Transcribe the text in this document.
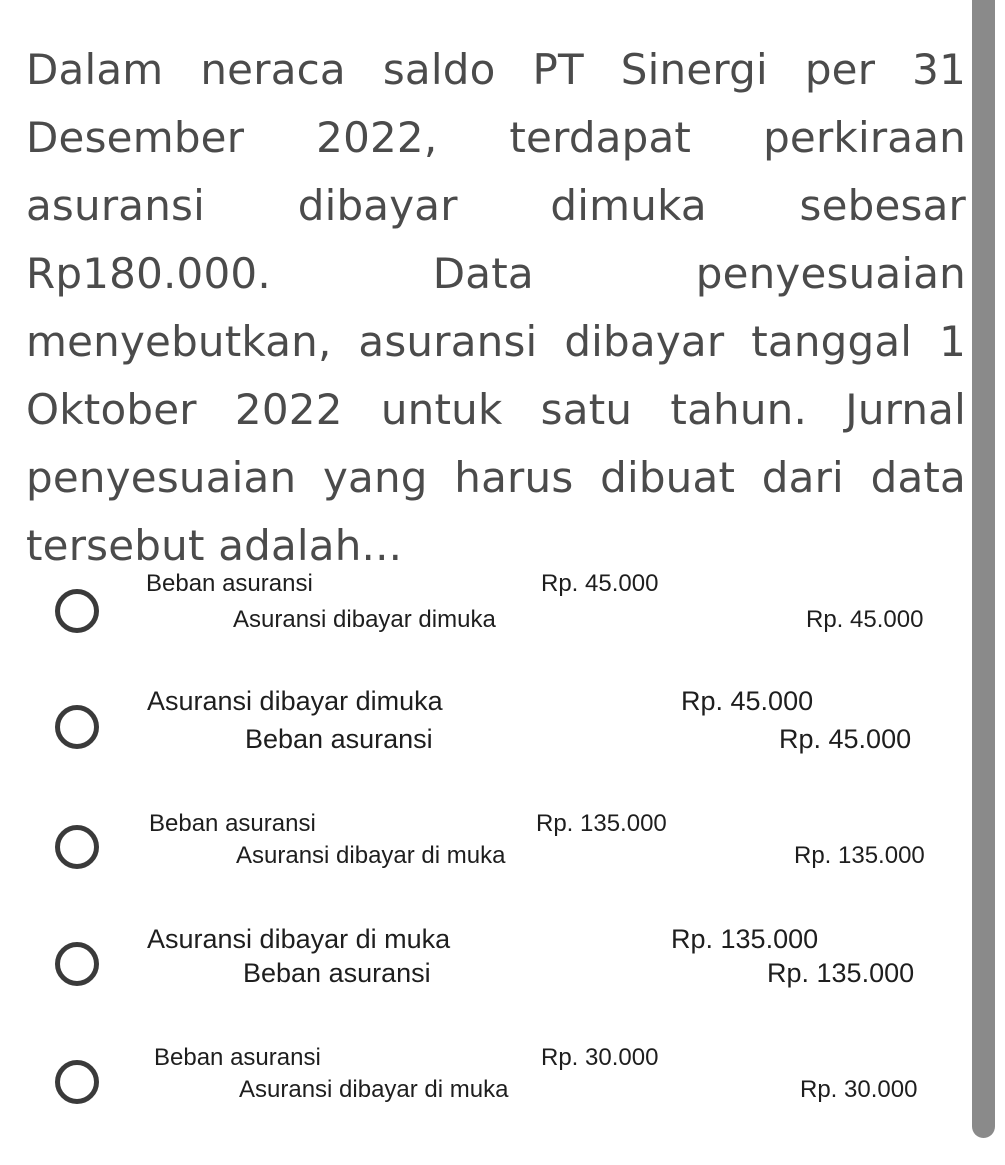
Dalam neraca saldo PT Sinergi per 31 Desember 2022, terdapat perkiraan asuransi dibayar dimuka sebesar Rp180.000. Data penyesuaian menyebutkan, asuransi dibayar tanggal 1 Oktober 2022 untuk satu tahun. Jurnal penyesuaian yang harus dibuat dari data tersebut adalah...

Beban asuransi	Rp. 45.000
Asuransi dibayar dimuka	Rp. 45.000
Asuransi dibayar dimuka	Rp. 45.000
Beban asuransi	Rp. 45.000
Beban asuransi	Rp. 135.000
Asuransi dibayar di muka	Rp. 135.000
Asuransi dibayar di muka	Rp. 135.000
Beban asuransi	Rp. 135.000
Beban asuransi	Rp. 30.000
Asuransi dibayar di muka	Rp. 30.000
